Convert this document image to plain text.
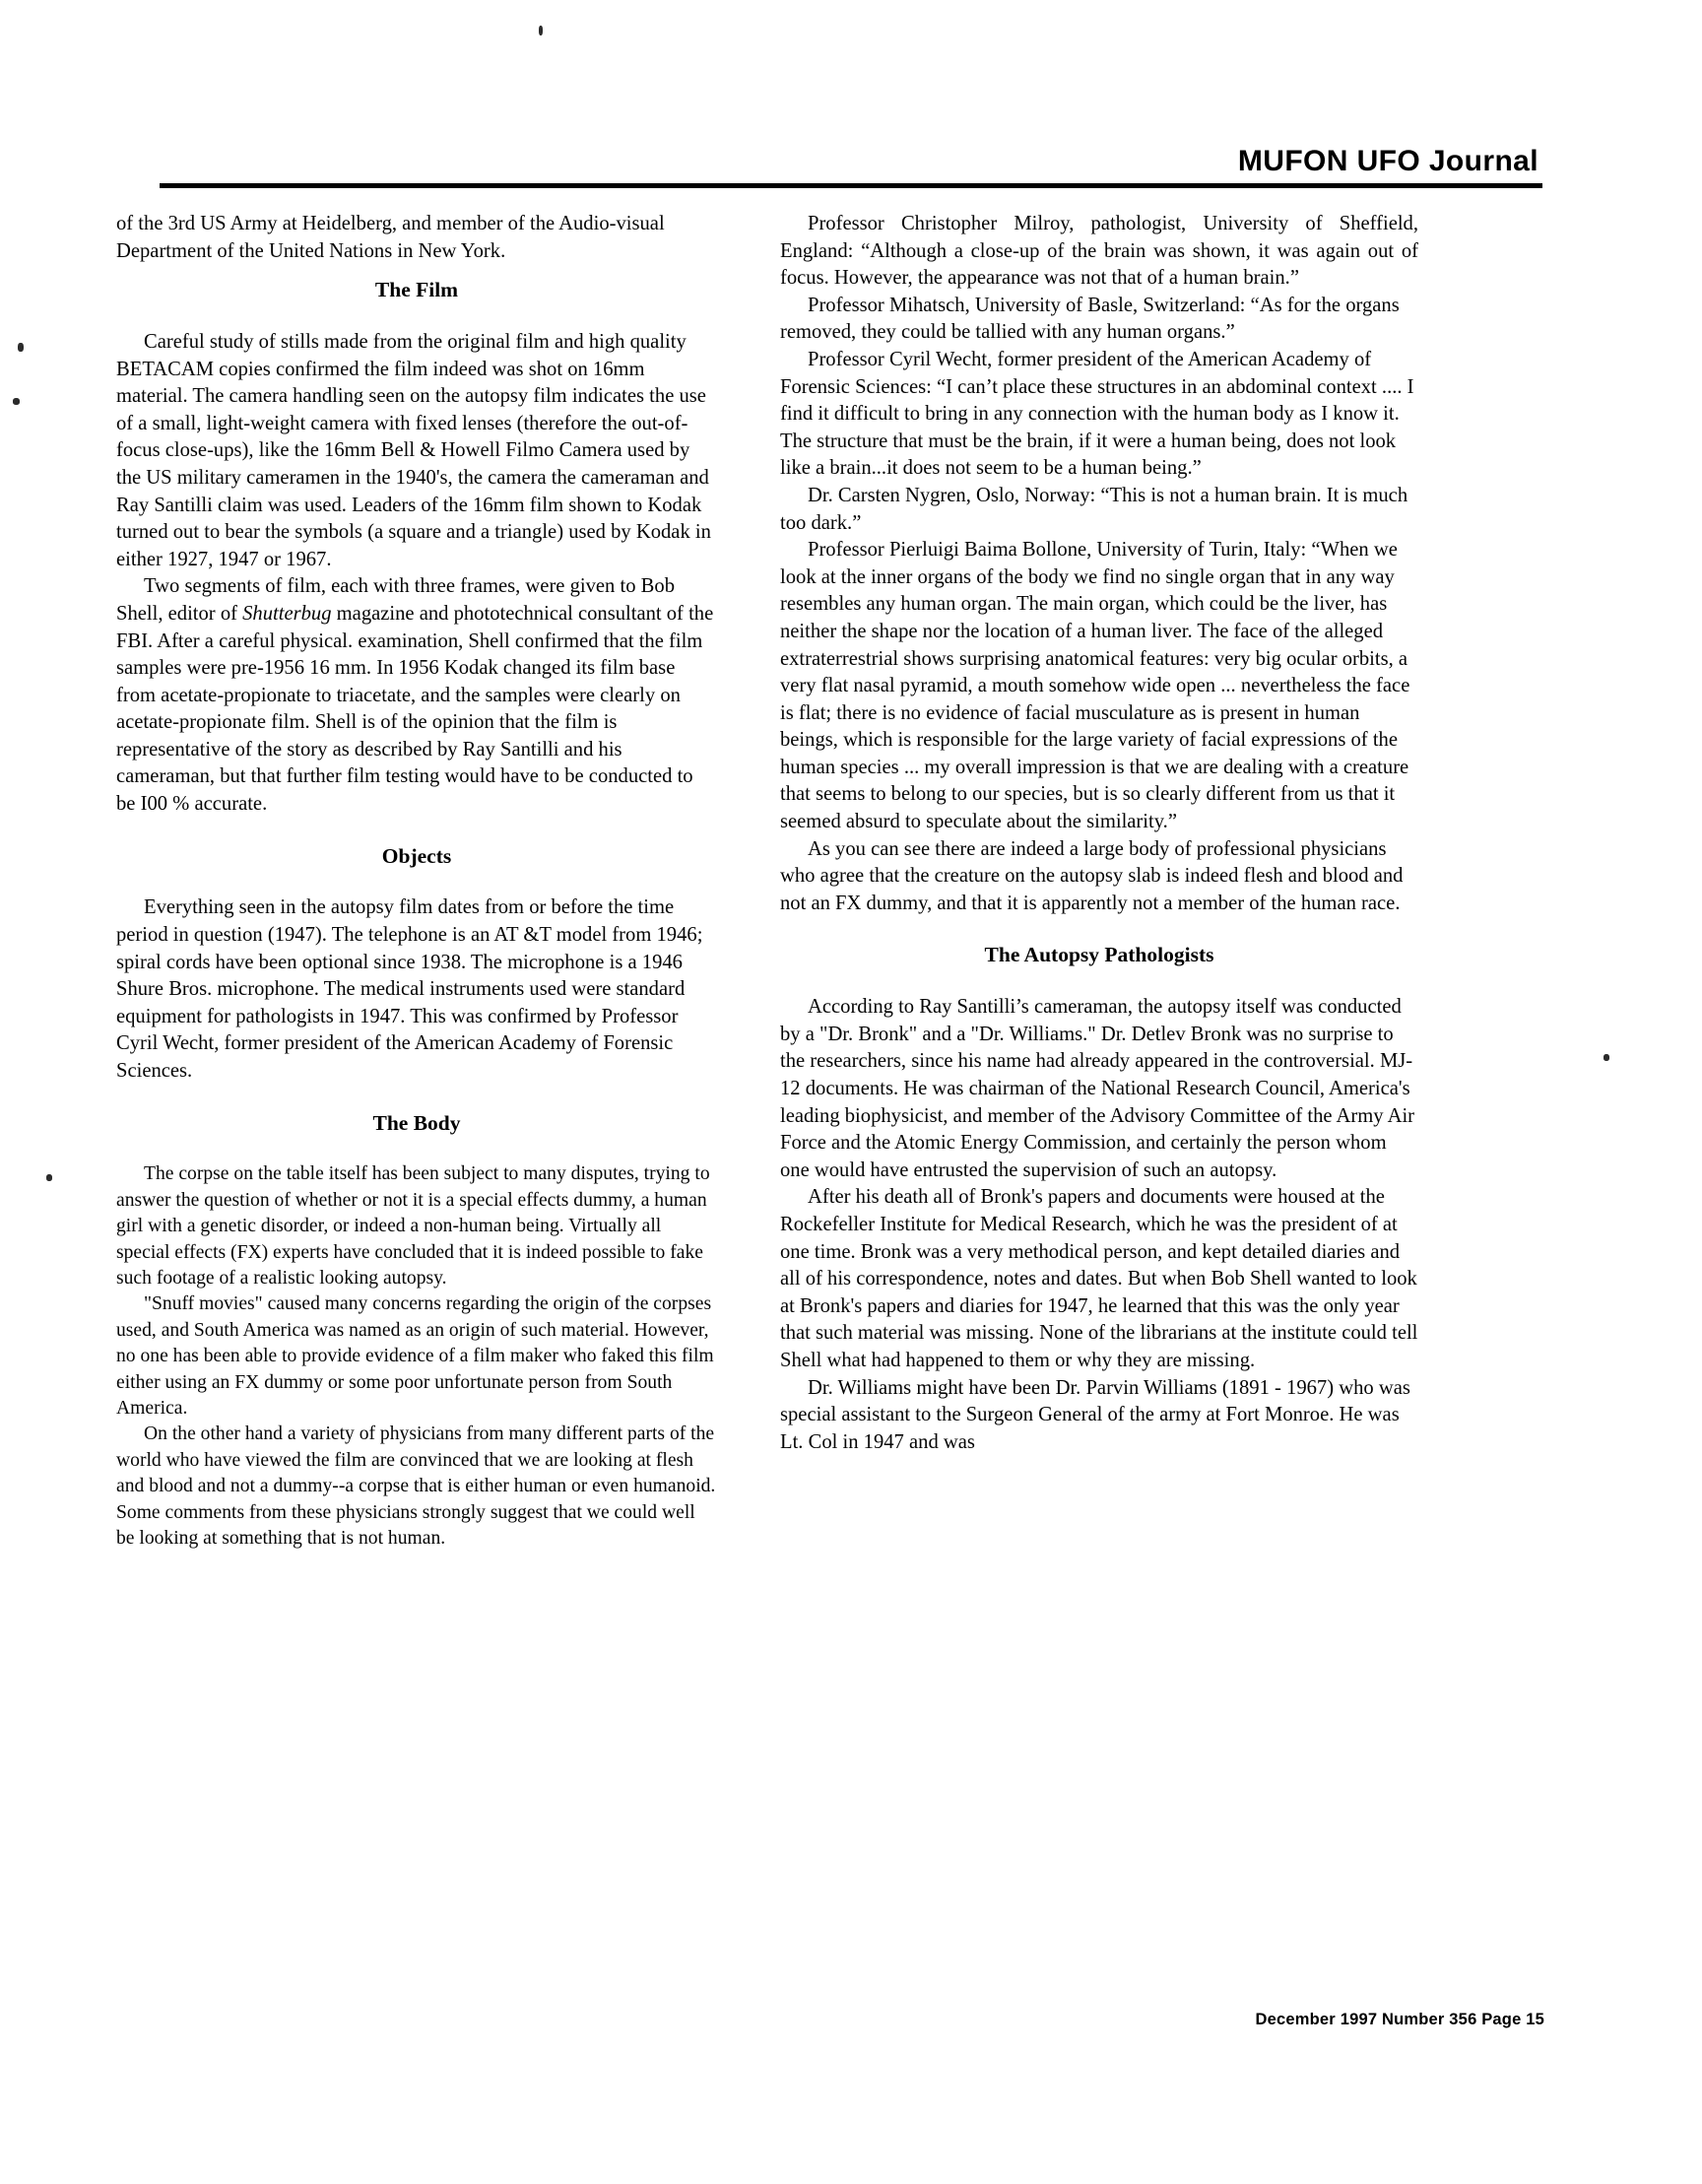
MUFON UFO Journal

of the 3rd US Army at Heidelberg, and member of the Audio-visual Department of the United Nations in New York.

The Film

Careful study of stills made from the original film and high quality BETACAM copies confirmed the film indeed was shot on 16mm material. The camera handling seen on the autopsy film indicates the use of a small, light-weight camera with fixed lenses (therefore the out-of-focus close-ups), like the 16mm Bell & Howell Filmo Camera used by the US military cameramen in the 1940's, the camera the cameraman and Ray Santilli claim was used. Leaders of the 16mm film shown to Kodak turned out to bear the symbols (a square and a triangle) used by Kodak in either 1927, 1947 or 1967.

Two segments of film, each with three frames, were given to Bob Shell, editor of Shutterbug magazine and phototechnical consultant of the FBI. After a careful physical. examination, Shell confirmed that the film samples were pre-1956 16 mm. In 1956 Kodak changed its film base from acetate-propionate to triacetate, and the samples were clearly on acetate-propionate film. Shell is of the opinion that the film is representative of the story as described by Ray Santilli and his cameraman, but that further film testing would have to be conducted to be I00 % accurate.

Objects

Everything seen in the autopsy film dates from or before the time period in question (1947). The telephone is an AT &T model from 1946; spiral cords have been optional since 1938. The microphone is a 1946 Shure Bros. microphone. The medical instruments used were standard equipment for pathologists in 1947. This was confirmed by Professor Cyril Wecht, former president of the American Academy of Forensic Sciences.

The Body

The corpse on the table itself has been subject to many disputes, trying to answer the question of whether or not it is a special effects dummy, a human girl with a genetic disorder, or indeed a non-human being. Virtually all special effects (FX) experts have concluded that it is indeed possible to fake such footage of a realistic looking autopsy.

"Snuff movies" caused many concerns regarding the origin of the corpses used, and South America was named as an origin of such material. However, no one has been able to provide evidence of a film maker who faked this film either using an FX dummy or some poor unfortunate person from South America.

On the other hand a variety of physicians from many different parts of the world who have viewed the film are convinced that we are looking at flesh and blood and not a dummy--a corpse that is either human or even humanoid. Some comments from these physicians strongly suggest that we could well be looking at something that is not human.

Professor Christopher Milroy, pathologist, University of Sheffield, England: “Although a close-up of the brain was shown, it was again out of focus. However, the appearance was not that of a human brain.”

Professor Mihatsch, University of Basle, Switzerland: “As for the organs removed, they could be tallied with any human organs.”

Professor Cyril Wecht, former president of the American Academy of Forensic Sciences: “I can’t place these structures in an abdominal context .... I find it difficult to bring in any connection with the human body as I know it. The structure that must be the brain, if it were a human being, does not look like a brain...it does not seem to be a human being.”

Dr. Carsten Nygren, Oslo, Norway: “This is not a human brain. It is much too dark.”

Professor Pierluigi Baima Bollone, University of Turin, Italy: “When we look at the inner organs of the body we find no single organ that in any way resembles any human organ. The main organ, which could be the liver, has neither the shape nor the location of a human liver. The face of the alleged extraterrestrial shows surprising anatomical features: very big ocular orbits, a very flat nasal pyramid, a mouth somehow wide open ... nevertheless the face is flat; there is no evidence of facial musculature as is present in human beings, which is responsible for the large variety of facial expressions of the human species ... my overall impression is that we are dealing with a creature that seems to belong to our species, but is so clearly different from us that it seemed absurd to speculate about the similarity.”

As you can see there are indeed a large body of professional physicians who agree that the creature on the autopsy slab is indeed flesh and blood and not an FX dummy, and that it is apparently not a member of the human race.

The Autopsy Pathologists

According to Ray Santilli’s cameraman, the autopsy itself was conducted by a "Dr. Bronk" and a "Dr. Williams." Dr. Detlev Bronk was no surprise to the researchers, since his name had already appeared in the controversial. MJ-12 documents. He was chairman of the National Research Council, America's leading biophysicist, and member of the Advisory Committee of the Army Air Force and the Atomic Energy Commission, and certainly the person whom one would have entrusted the supervision of such an autopsy.

After his death all of Bronk's papers and documents were housed at the Rockefeller Institute for Medical Research, which he was the president of at one time. Bronk was a very methodical person, and kept detailed diaries and all of his correspondence, notes and dates. But when Bob Shell wanted to look at Bronk's papers and diaries for 1947, he learned that this was the only year that such material was missing. None of the librarians at the institute could tell Shell what had happened to them or why they are missing.

Dr. Williams might have been Dr. Parvin Williams (1891 - 1967) who was special assistant to the Surgeon General of the army at Fort Monroe. He was Lt. Col in 1947 and was

December 1997 Number 356 Page 15
